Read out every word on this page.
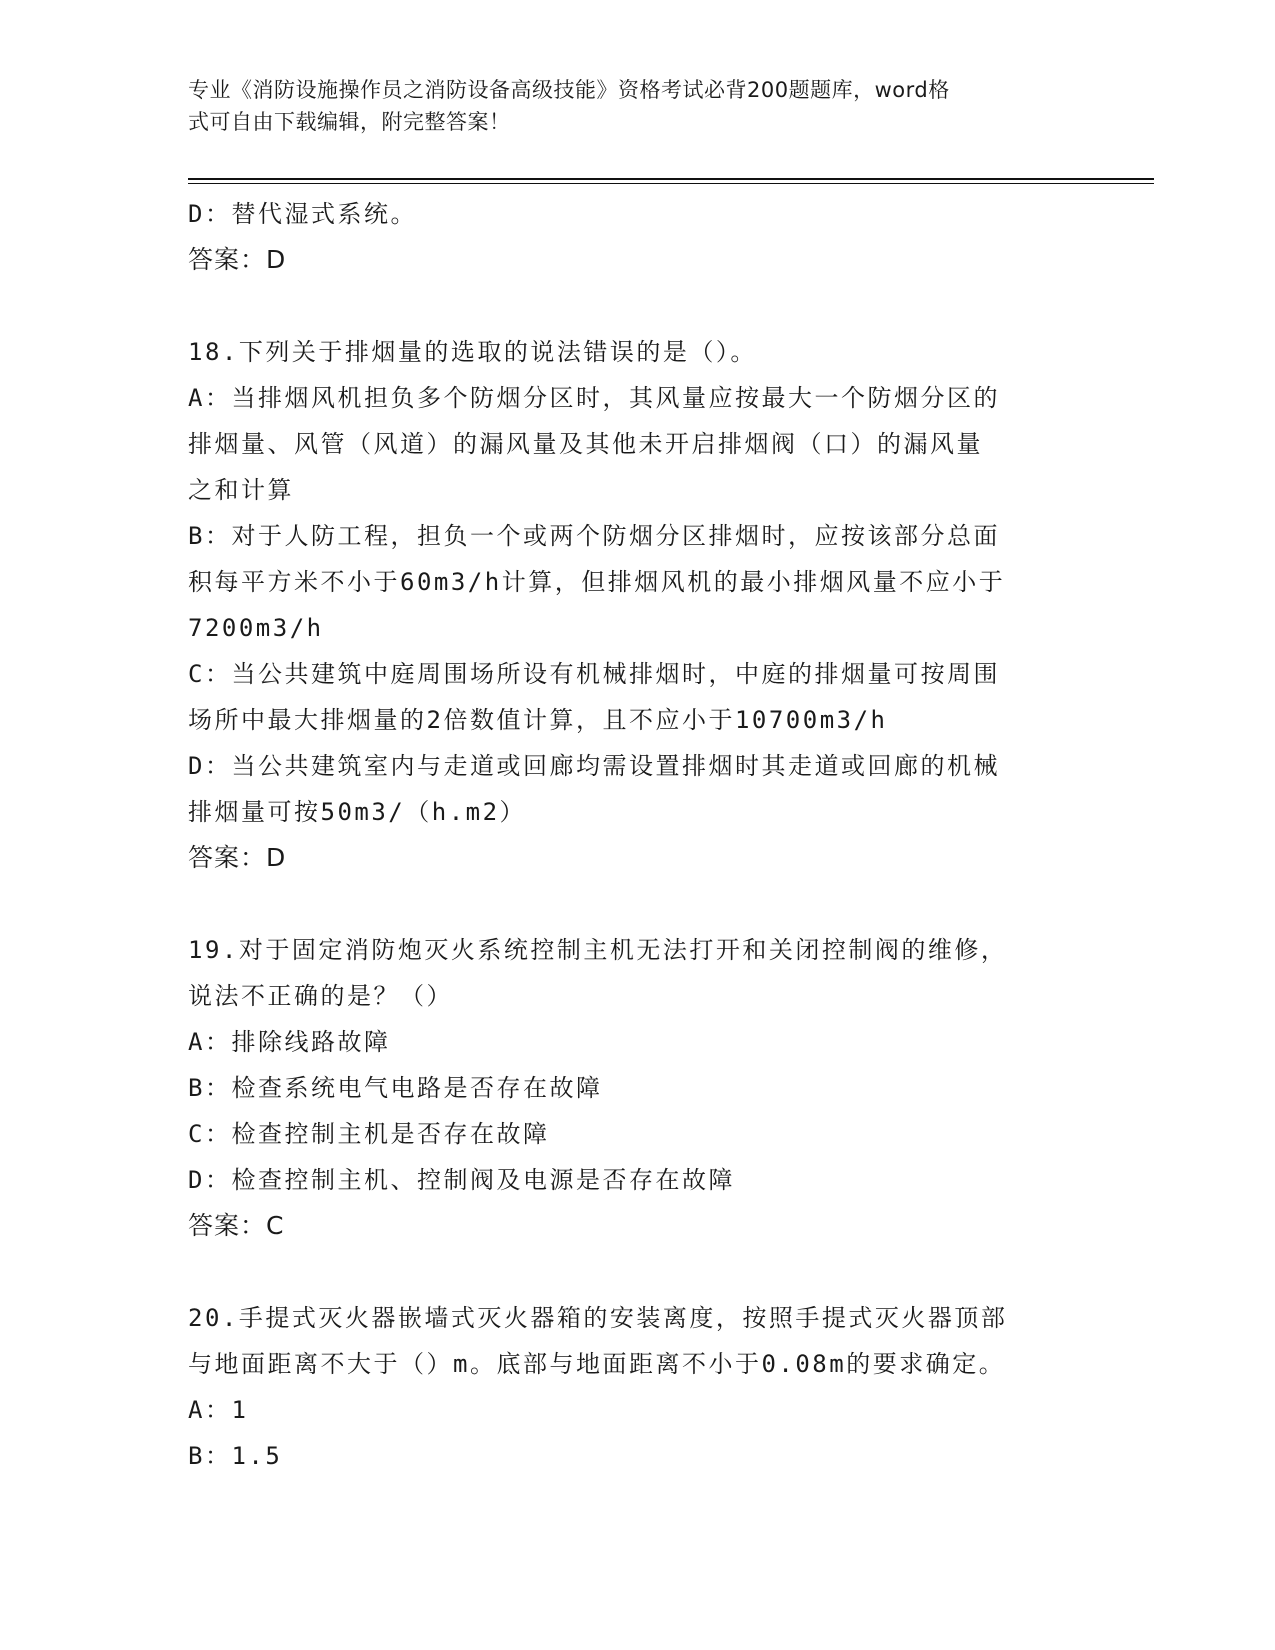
专业《消防设施操作员之消防设备高级技能》资格考试必背200题题库，word格
式可自由下载编辑，附完整答案！
D：替代湿式系统。
答案：D
18.下列关于排烟量的选取的说法错误的是（）。
A：当排烟风机担负多个防烟分区时，其风量应按最大一个防烟分区的
排烟量、风管（风道）的漏风量及其他未开启排烟阀（口）的漏风量
之和计算
B：对于人防工程，担负一个或两个防烟分区排烟时，应按该部分总面
积每平方米不小于60m3/h计算，但排烟风机的最小排烟风量不应小于
7200m3/h
C：当公共建筑中庭周围场所设有机械排烟时，中庭的排烟量可按周围
场所中最大排烟量的2倍数值计算，且不应小于10700m3/h
D：当公共建筑室内与走道或回廊均需设置排烟时其走道或回廊的机械
排烟量可按50m3/（h.m2）
答案：D
19.对于固定消防炮灭火系统控制主机无法打开和关闭控制阀的维修，
说法不正确的是？（）
A：排除线路故障
B：检查系统电气电路是否存在故障
C：检查控制主机是否存在故障
D：检查控制主机、控制阀及电源是否存在故障
答案：C
20.手提式灭火器嵌墙式灭火器箱的安装离度，按照手提式灭火器顶部
与地面距离不大于（）m。底部与地面距离不小于0.08m的要求确定。
A：1
B：1.5
